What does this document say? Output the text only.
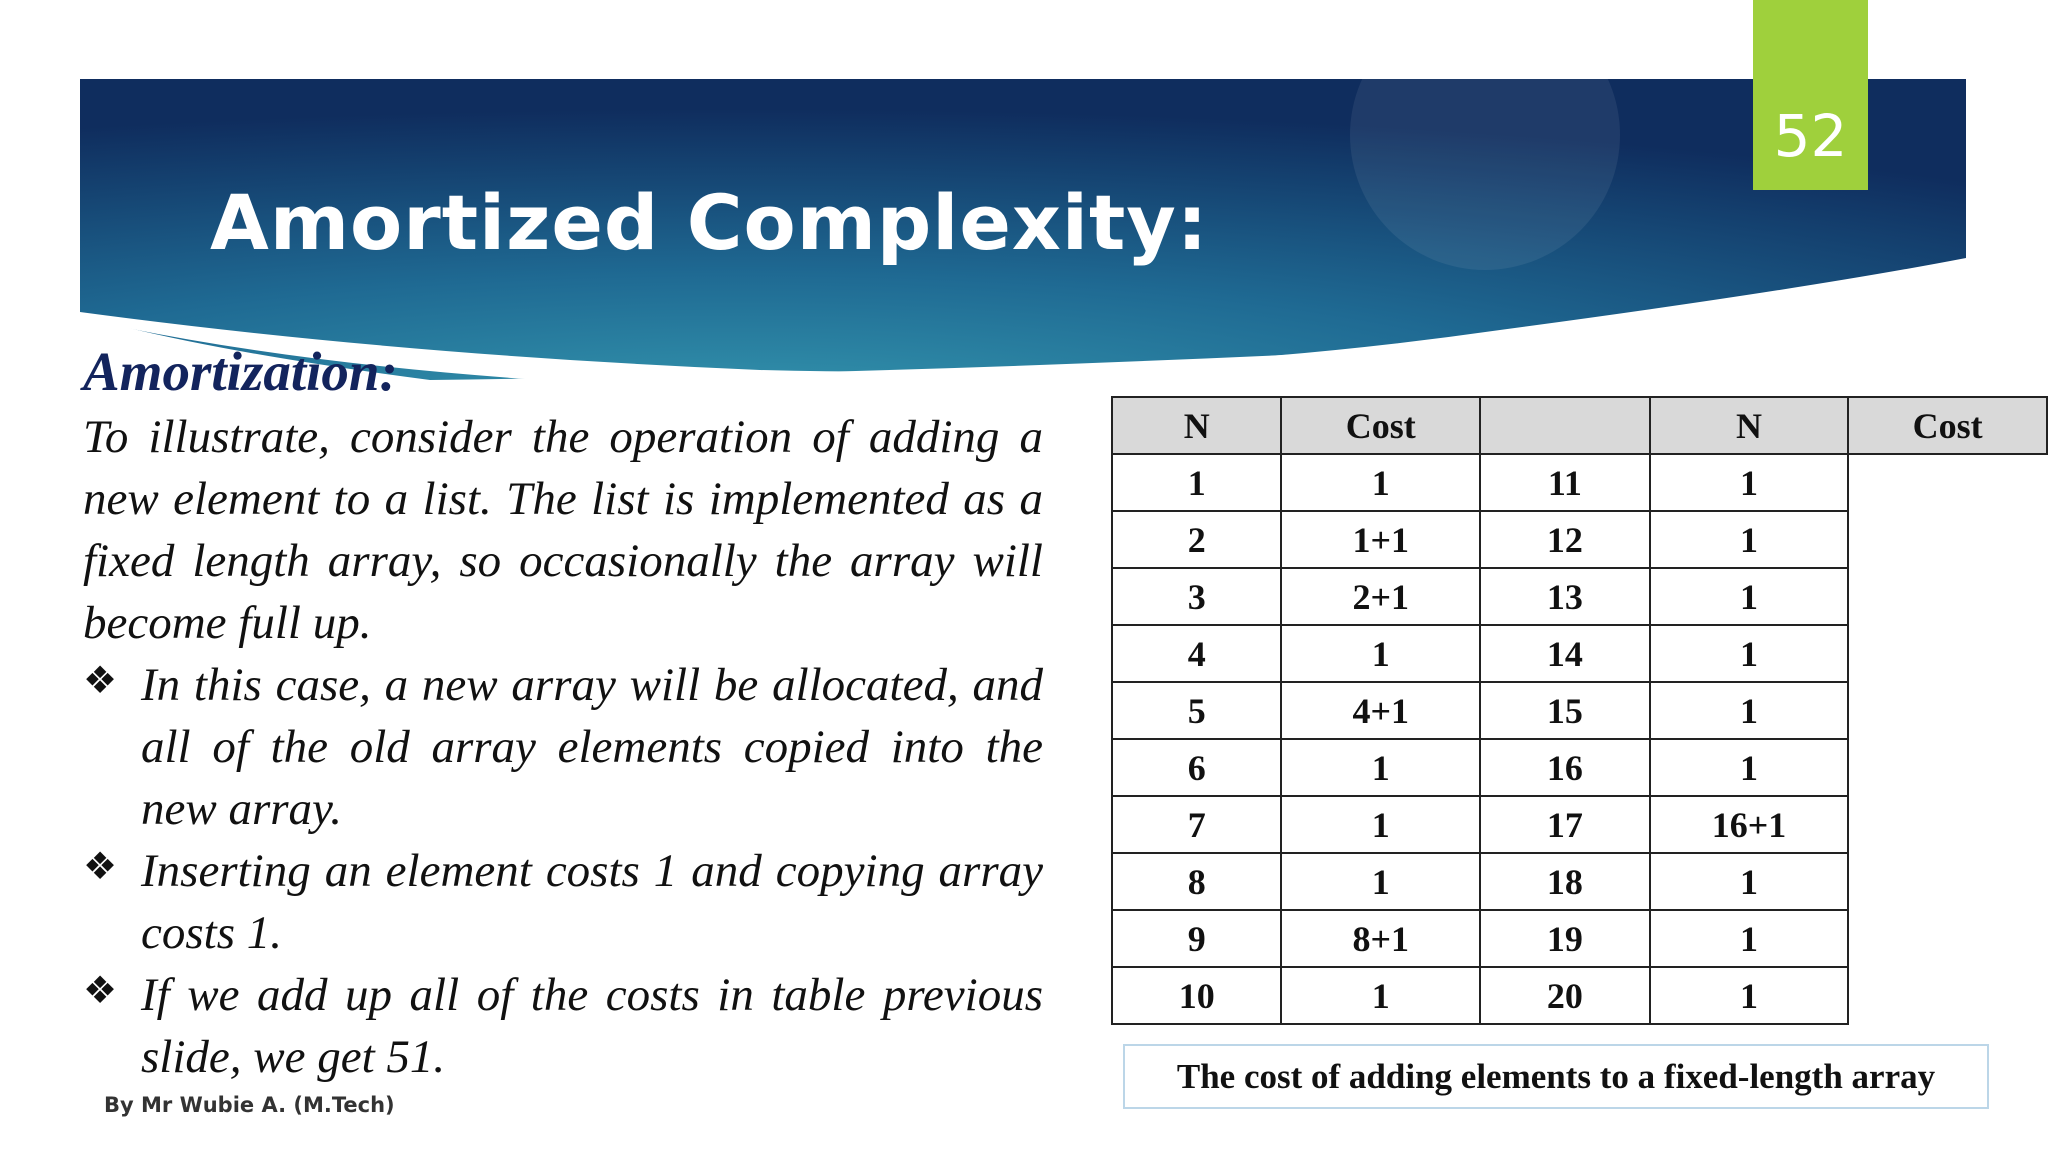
52
Amortized Complexity:
Amortization:

To illustrate, consider the operation of adding a new element to a list. The list is implemented as a fixed length array, so occasionally the array will become full up.

❖ In this case, a new array will be allocated, and all of the old array elements copied into the new array.
❖ Inserting an element costs 1 and copying array costs 1.
❖ If we add up all of the costs in table previous slide, we get 51.
By Mr Wubie A. (M.Tech)
N	Cost		N	Cost
1	1	11	1	
2	1+1	12	1	
3	2+1	13	1	
4	1	14	1	
5	4+1	15	1	
6	1	16	1	
7	1	17	16+1	
8	1	18	1	
9	8+1	19	1	
10	1	20	1	
The cost of adding elements to a fixed-length array
